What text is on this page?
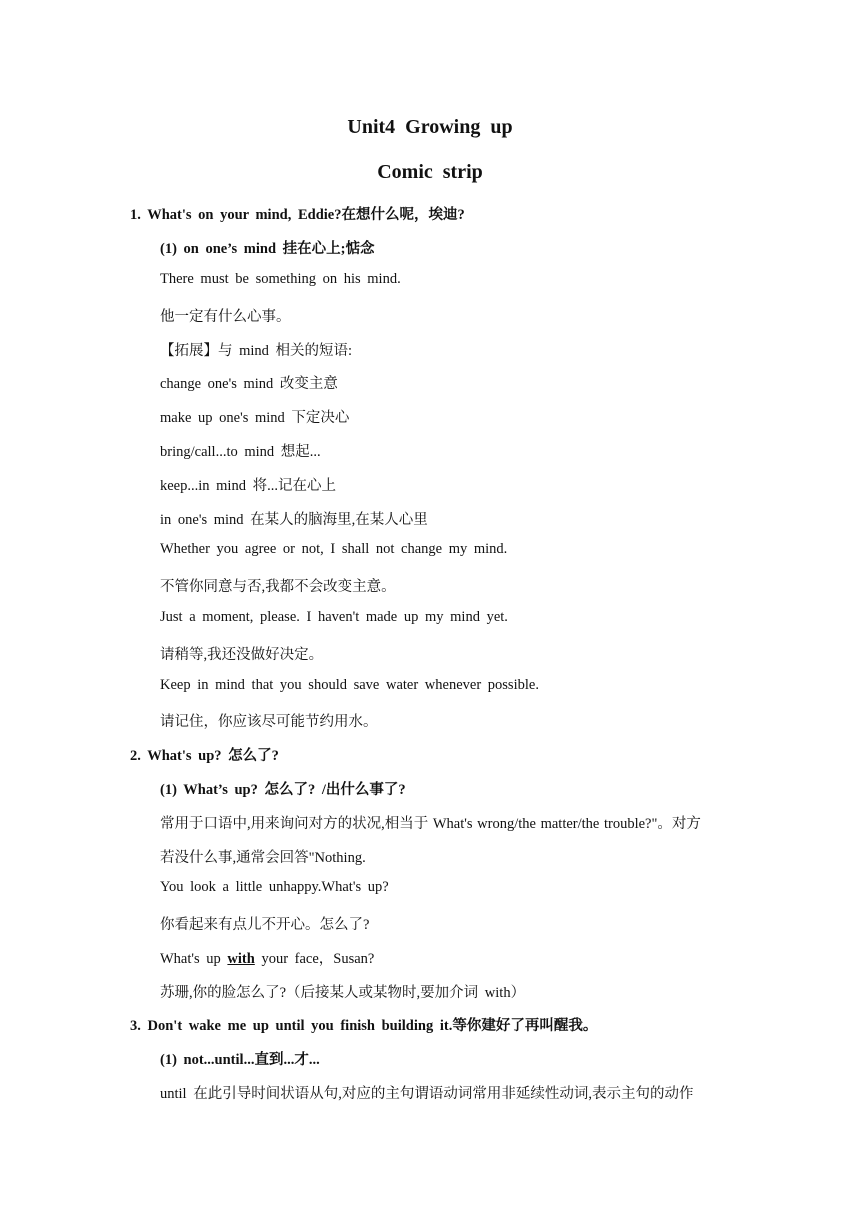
Unit4 Growing up
Comic strip
1. What's on your mind, Eddie?在想什么呢，埃迪?
(1) on one’s mind 挂在心上;惦念
There must be something on his mind.
他一定有什么心事。
【拓展】与 mind 相关的短语:
change one's mind 改变主意
make up one's mind 下定决心
bring/call...to mind 想起...
keep...in mind 将...记在心上
in one's mind 在某人的脑海里,在某人心里
Whether you agree or not, I shall not change my mind.
不管你同意与否,我都不会改变主意。
Just a moment, please. I haven't made up my mind yet.
请稍等,我还没做好决定。
Keep in mind that you should save water whenever possible.
请记住，你应该尽可能节约用水。
2. What's up? 怎么了?
(1) What’s up? 怎么了? /出什么事了?
常用于口语中,用来询问对方的状况,相当于 What's wrong/the matter/the trouble?"。对方
若没什么事,通常会回答"Nothing.
You look a little unhappy.What's up?
你看起来有点儿不开心。怎么了?
What's up with your face，Susan?
苏珊,你的脸怎么了?（后接某人或某物时,要加介词 with）
3. Don't wake me up until you finish building it.等你建好了再叫醒我。
(1) not...until...直到...才...
until 在此引导时间状语从句,对应的主句谓语动词常用非延续性动词,表示主句的动作
